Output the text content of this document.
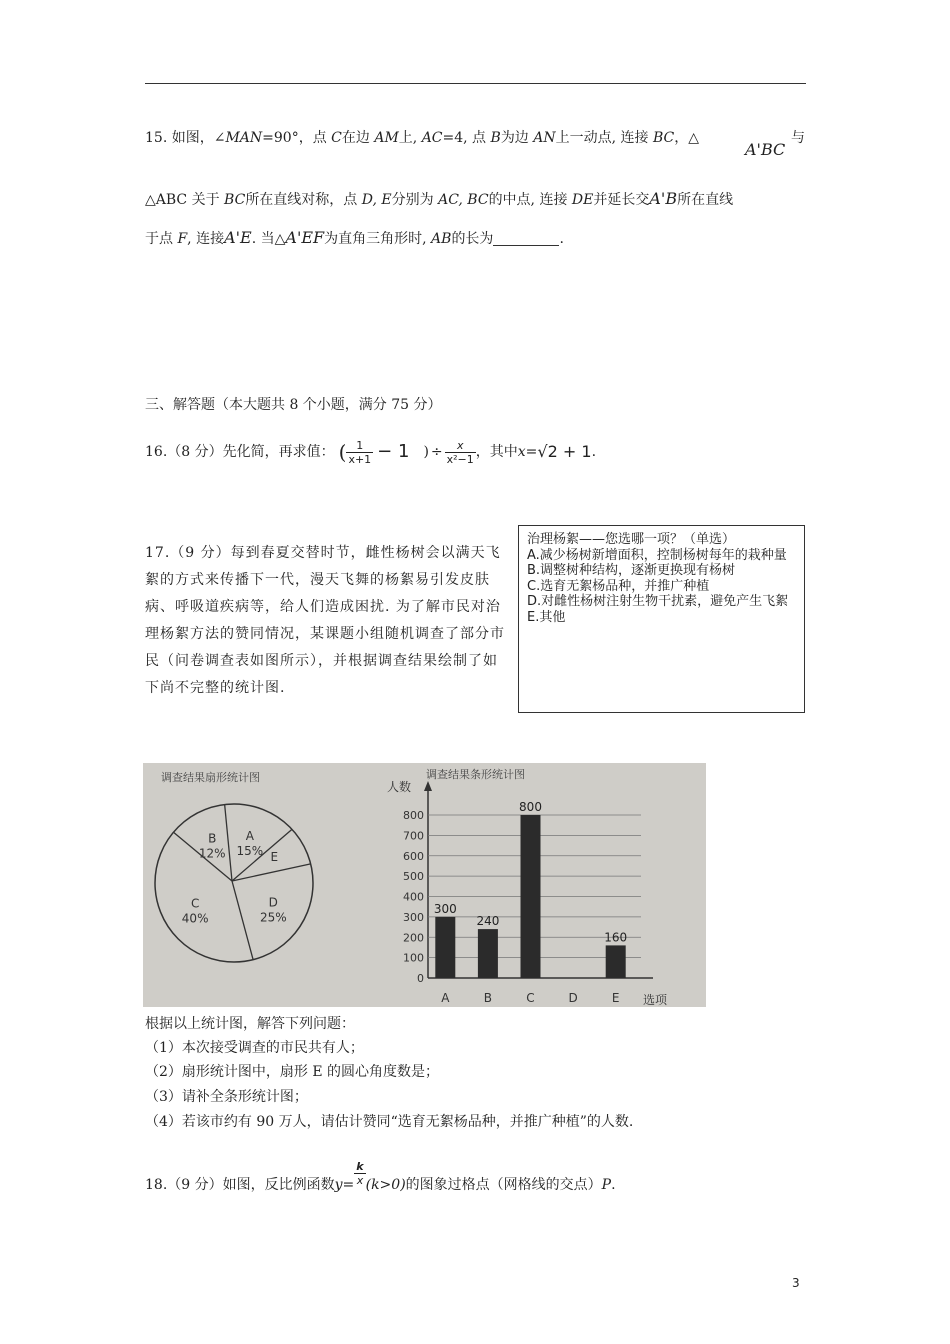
15. 如图，∠MAN=90°，点 C在边 AM上, AC=4, 点 B为边 AN上一动点, 连接 BC，△
A'BC
与
△ABC 关于 BC所在直线对称，点 D, E分别为 AC, BC的中点, 连接 DE并延长交A'B所在直线
于点 F, 连接A'E. 当△A'EF为直角三角形时, AB的长为	.
三、解答题（本大题共 8 个小题，满分 75 分）
16.（8 分）先化简，再求值： ( $\frac{1}{x+1} - 1$ ) ÷ $\frac{x}{\text{x²−1}}$ ，其中 x= √2 + 1 .
17.（9 分）每到春夏交替时节，雌性杨树会以满天飞絮的方式来传播下一代，漫天飞舞的杨絮易引发皮肤病、呼吸道疾病等，给人们造成困扰. 为了解市民对治理杨絮方法的赞同情况，某课题小组随机调查了部分市民（问卷调查表如图所示），并根据调查结果绘制了如下尚不完整的统计图.
治理杨絮——您选哪一项？（单选）
A.减少杨树新增面积，控制杨树每年的栽种量
B.调整树种结构，逐渐更换现有杨树
C.选育无絮杨品种，并推广种植
D.对雌性杨树注射生物干扰素，避免产生飞絮
E.其他
调查结果扇形统计图
B
12%
A
15% E
D
25%
C
40%
调查结果条形统计图
人数
选项
0
100
200
300
400
500
600
700
800
300
A
240
B
800
C	D
160
E
根据以上统计图，解答下列问题：
（1）本次接受调查的市民共有人；
（2）扇形统计图中，扇形 E 的圆心角度数是；
（3）请补全条形统计图；
（4）若该市约有 90 万人，请估计赞同“选育无絮杨品种，并推广种植”的人数.
18.（9 分）如图，反比例函数 $y = \frac{k}{x} (k>0)$ 的图象过格点（网格线的交点） P .
3
